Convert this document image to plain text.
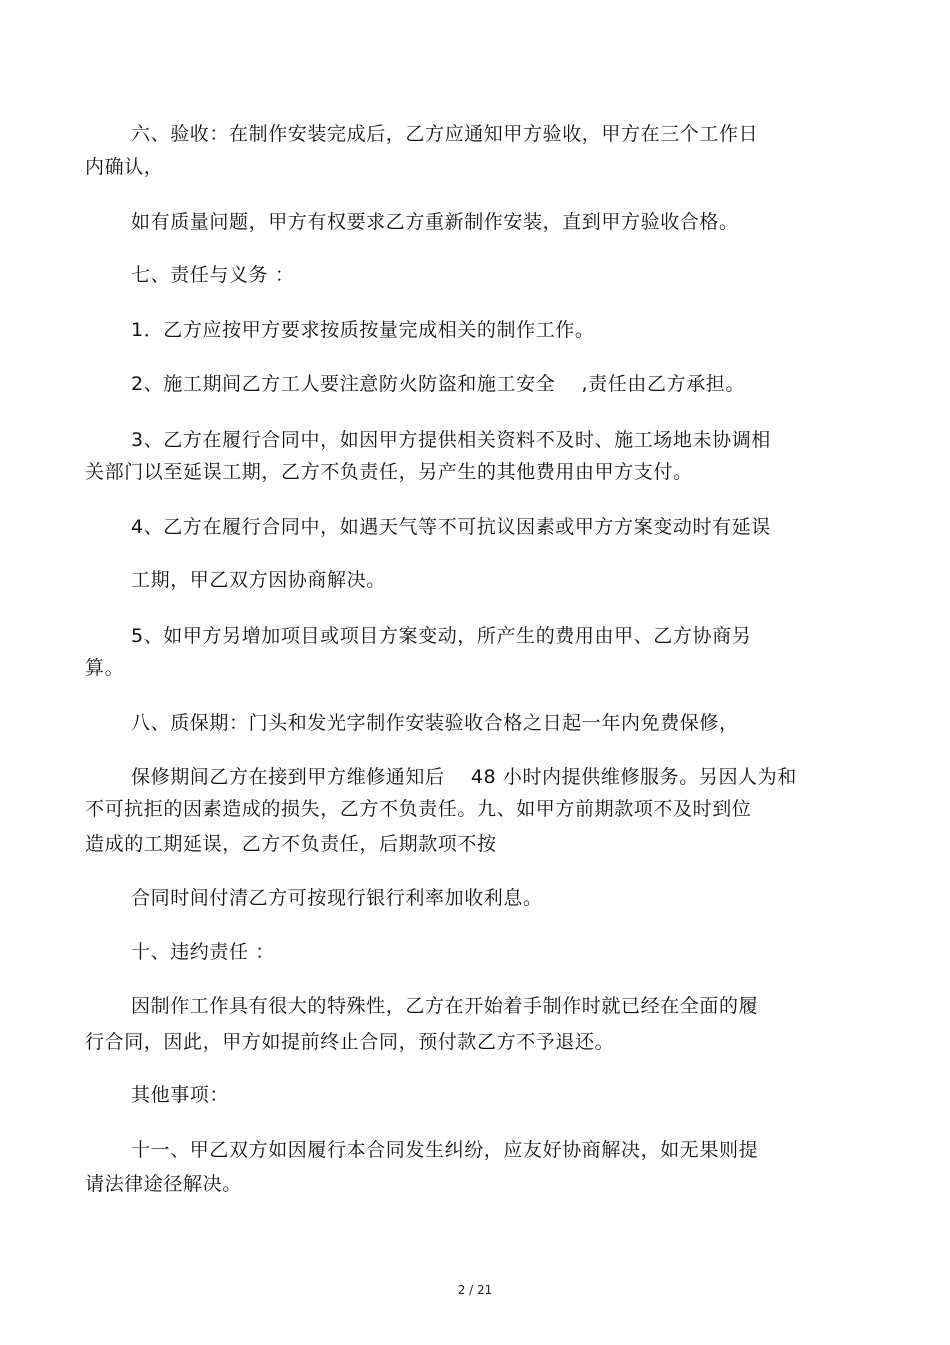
六、验收：在制作安装完成后，乙方应通知甲方验收，甲方在三个工作日
内确认，
如有质量问题，甲方有权要求乙方重新制作安装，直到甲方验收合格。
七、责任与义务 ：
1．乙方应按甲方要求按质按量完成相关的制作工作。
2、施工期间乙方工人要注意防火防盗和施工安全　 ,责任由乙方承担。
3、乙方在履行合同中，如因甲方提供相关资料不及时、施工场地未协调相
关部门以至延误工期，乙方不负责任，另产生的其他费用由甲方支付。
4、乙方在履行合同中，如遇天气等不可抗议因素或甲方方案变动时有延误
工期，甲乙双方因协商解决。
5、如甲方另增加项目或项目方案变动，所产生的费用由甲、乙方协商另
算。
八、质保期：门头和发光字制作安装验收合格之日起一年内免费保修，
保修期间乙方在接到甲方维修通知后　 48 小时内提供维修服务。另因人为和
不可抗拒的因素造成的损失，乙方不负责任。九、如甲方前期款项不及时到位
造成的工期延误，乙方不负责任，后期款项不按
合同时间付清乙方可按现行银行利率加收利息。
十、违约责任 ：
因制作工作具有很大的特殊性，乙方在开始着手制作时就已经在全面的履
行合同，因此，甲方如提前终止合同，预付款乙方不予退还。
其他事项：
十一、甲乙双方如因履行本合同发生纠纷，应友好协商解决，如无果则提
请法律途径解决。
2 / 21
